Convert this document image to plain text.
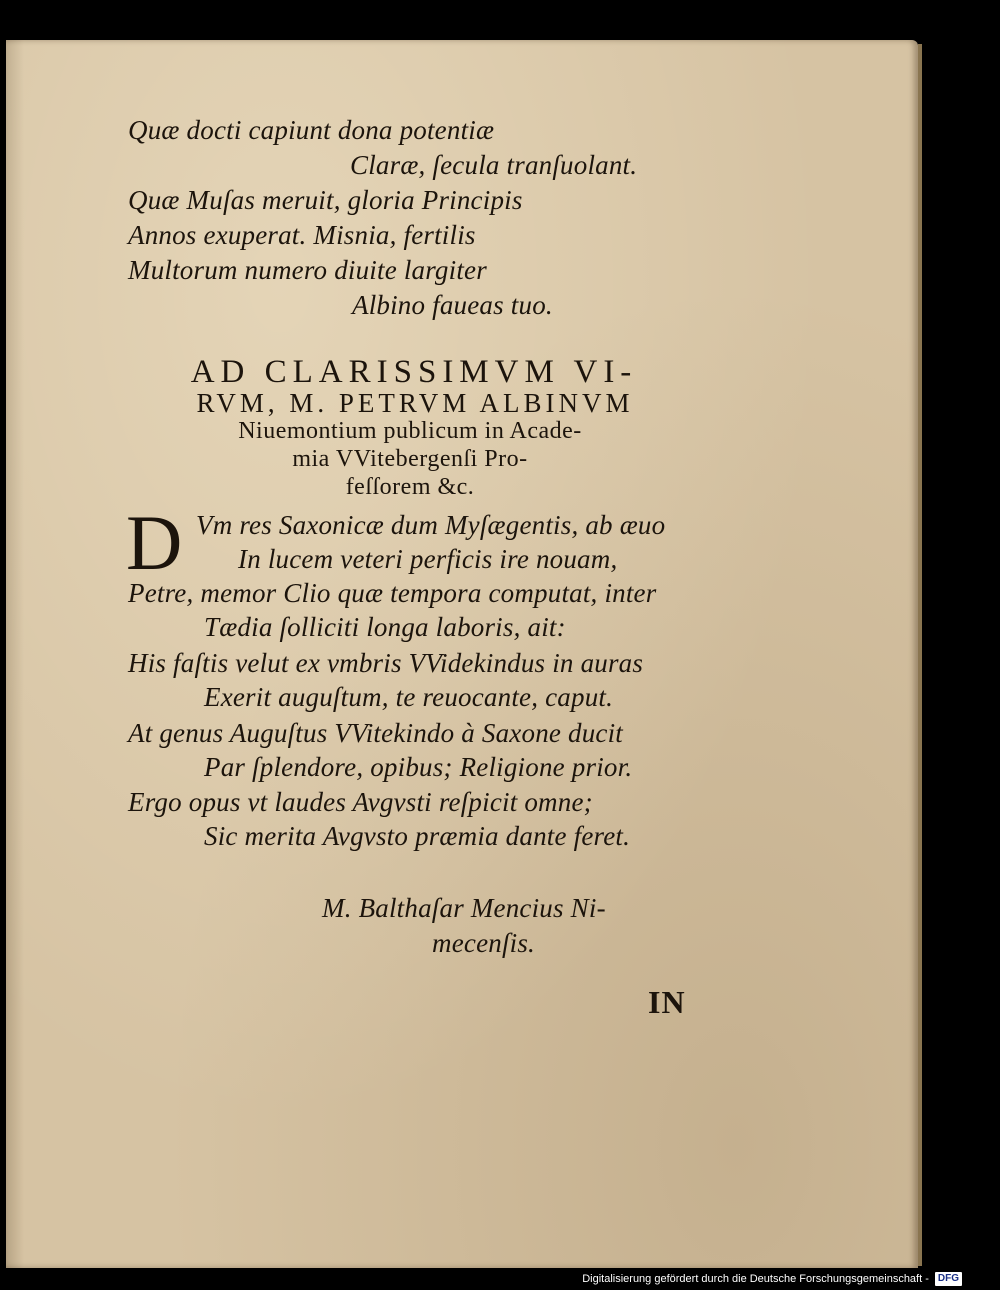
Quæ docti capiunt dona potentiæ
Claræ, ſecula tranſuolant.
Quæ Muſas meruit, gloria Principis
Annos exuperat. Misnia, fertilis
Multorum numero diuite largiter
Albino faueas tuo.
AD CLARISSIMVM VI-
RVM, M. PETRVM ALBINVM
Niuemontium publicum in Acade-
mia VVitebergenſi Pro-
feſſorem &c.
D Vm res Saxonicæ dum Myſægentis, ab æuo
In lucem veteri perficis ire nouam,
Petre, memor Clio quæ tempora computat, inter
Tædia ſolliciti longa laboris, ait:
His faſtis velut ex vmbris VVidekindus in auras
Exerit auguſtum, te reuocante, caput.
At genus Auguſtus VVitekindo à Saxone ducit
Par ſplendore, opibus; Religione prior.
Ergo opus vt laudes Avgvsti reſpicit omne;
Sic merita Avgvsto præmia dante feret.
M. Balthaſar Mencius Ni-
mecenſis.
IN
Digitalisierung gefördert durch die Deutsche Forschungsgemeinschaft - DFG
